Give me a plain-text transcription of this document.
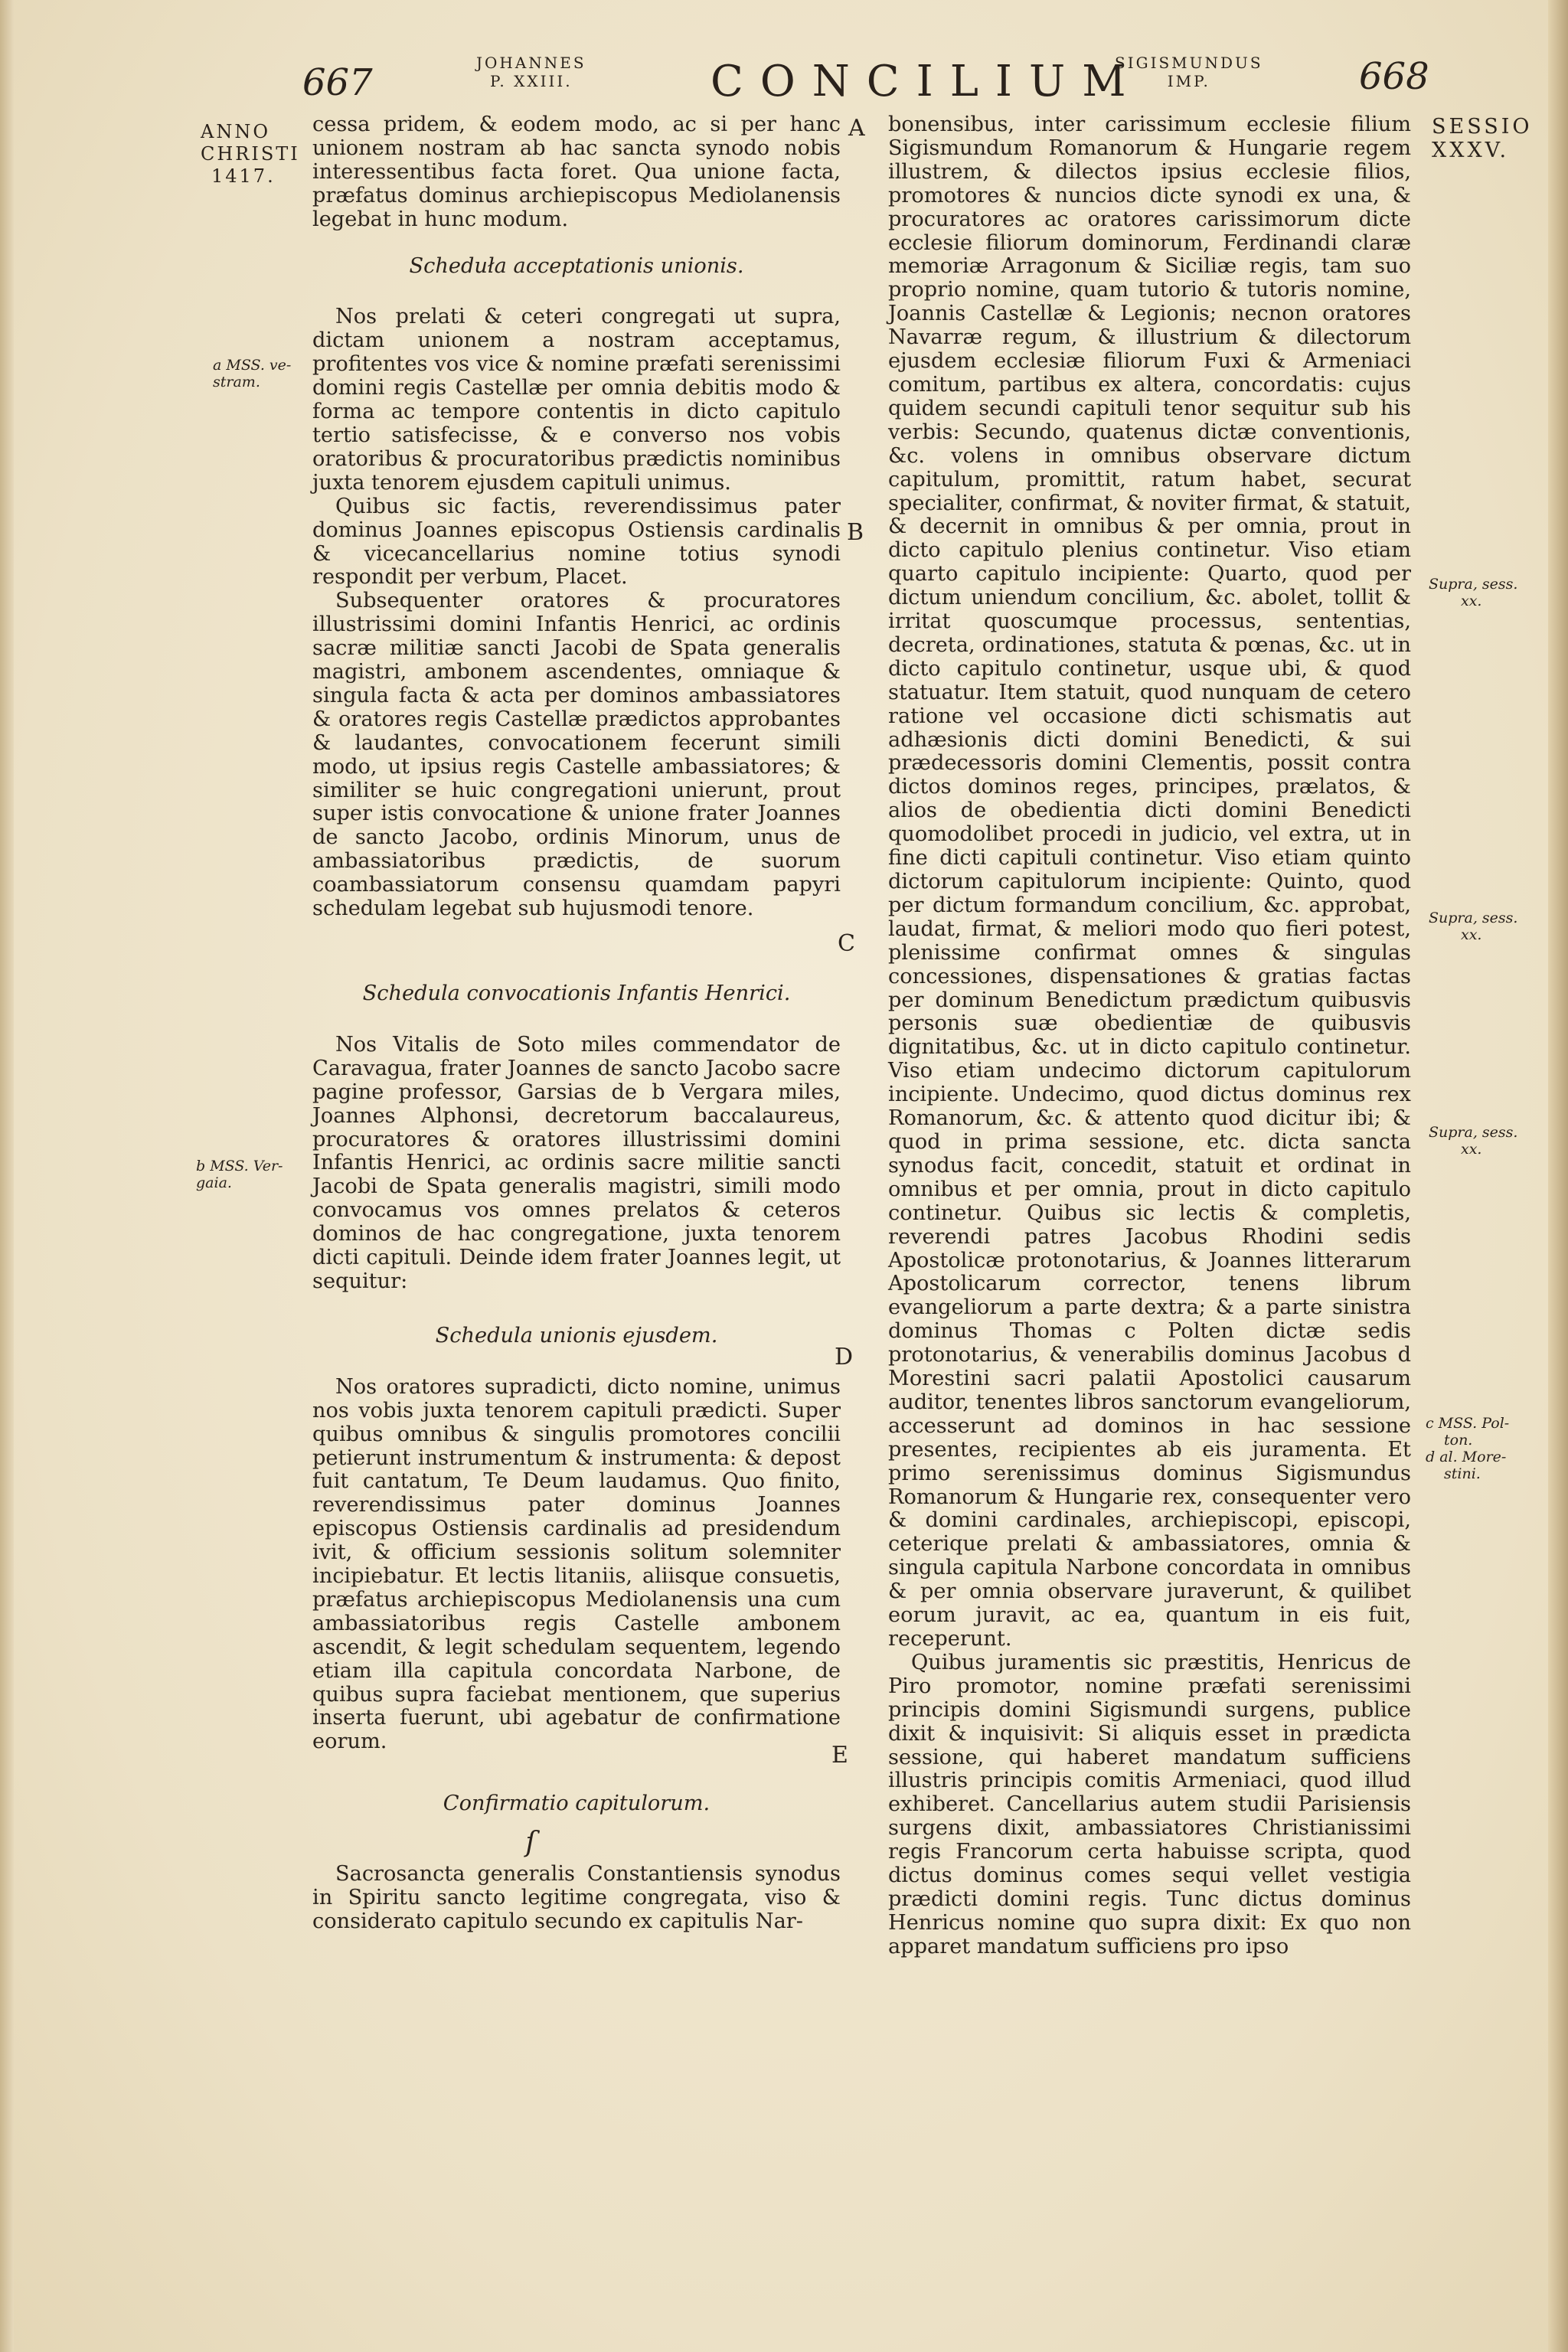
667	JOHANNES
P. XXIII.	CONCILIUM
SIGISMUNDUS
IMP.	668
ANNO
CHRISTI
1417.
SESSIO
XXXV.
A
B
C
D
E
a MSS. ve-
stram.
b MSS. Ver-
gaia.
Supra, sess.
xx.
Supra, sess.
xx.
Supra, sess.
xx.
c MSS. Pol-
ton.
d al. More-
stini.

cessa pridem, & eodem modo, ac si per hanc unionem nostram ab hac sancta synodo nobis interessentibus facta foret. Qua unione facta, præfatus dominus archiepiscopus Mediolanensis legebat in hunc modum.

Scheduła acceptationis unionis.

Nos prelati & ceteri congregati ut supra, dictam unionem a nostram acceptamus, profitentes vos vice & nomine præfati serenissimi domini regis Castellæ per omnia debitis modo & forma ac tempore contentis in dicto capitulo tertio satisfecisse, & e converso nos vobis oratoribus & procuratoribus prædictis nominibus juxta tenorem ejusdem capituli unimus.

Quibus sic factis, reverendissimus pater dominus Joannes episcopus Ostiensis cardinalis & vicecancellarius nomine totius synodi respondit per verbum, Placet.

Subsequenter oratores & procuratores illustrissimi domini Infantis Henrici, ac ordinis sacræ militiæ sancti Jacobi de Spata generalis magistri, ambonem ascendentes, omniaque & singula facta & acta per dominos ambassiatores & oratores regis Castellæ prædictos approbantes & laudantes, convocationem fecerunt simili modo, ut ipsius regis Castelle ambassiatores; & similiter se huic congregationi unierunt, prout super istis convocatione & unione frater Joannes de sancto Jacobo, ordinis Minorum, unus de ambassiatoribus prædictis, de suorum coambassiatorum consensu quamdam papyri schedulam legebat sub hujusmodi tenore.

Schedula convocationis Infantis Henrici.

Nos Vitalis de Soto miles commendator de Caravagua, frater Joannes de sancto Jacobo sacre pagine professor, Garsias de b Vergara miles, Joannes Alphonsi, decretorum baccalaureus, procuratores & oratores illustrissimi domini Infantis Henrici, ac ordinis sacre militie sancti Jacobi de Spata generalis magistri, simili modo convocamus vos omnes prelatos & ceteros dominos de hac congregatione, juxta tenorem dicti capituli. Deinde idem frater Joannes legit, ut sequitur:

Schedula unionis ejusdem.

Nos oratores supradicti, dicto nomine, unimus nos vobis juxta tenorem capituli prædicti. Super quibus omnibus & singulis promotores concilii petierunt instrumentum & instrumenta: & depost fuit cantatum, Te Deum laudamus. Quo finito, reverendissimus pater dominus Joannes episcopus Ostiensis cardinalis ad presidendum ivit, & officium sessionis solitum solemniter incipiebatur. Et lectis litaniis, aliisque consuetis, præfatus archiepiscopus Mediolanensis una cum ambassiatoribus regis Castelle ambonem ascendit, & legit schedulam sequentem, legendo etiam illa capitula concordata Narbone, de quibus supra faciebat mentionem, que superius inserta fuerunt, ubi agebatur de confirmatione eorum.

Confirmatio capitulorum.

ſ

Sacrosancta generalis Constantiensis synodus in Spiritu sancto legitime congregata, viso & considerato capitulo secundo ex capitulis Nar-

bonensibus, inter carissimum ecclesie filium Sigismundum Romanorum & Hungarie regem illustrem, & dilectos ipsius ecclesie filios, promotores & nuncios dicte synodi ex una, & procuratores ac oratores carissimorum dicte ecclesie filiorum dominorum, Ferdinandi claræ memoriæ Arragonum & Siciliæ regis, tam suo proprio nomine, quam tutorio & tutoris nomine, Joannis Castellæ & Legionis; necnon oratores Navarræ regum, & illustrium & dilectorum ejusdem ecclesiæ filiorum Fuxi & Armeniaci comitum, partibus ex altera, concordatis: cujus quidem secundi capituli tenor sequitur sub his verbis: Secundo, quatenus dictæ conventionis, &c. volens in omnibus observare dictum capitulum, promittit, ratum habet, securat specialiter, confirmat, & noviter firmat, & statuit, & decernit in omnibus & per omnia, prout in dicto capitulo plenius continetur. Viso etiam quarto capitulo incipiente: Quarto, quod per dictum uniendum concilium, &c. abolet, tollit & irritat quoscumque processus, sententias, decreta, ordinationes, statuta & pœnas, &c. ut in dicto capitulo continetur, usque ubi, & quod statuatur. Item statuit, quod nunquam de cetero ratione vel occasione dicti schismatis aut adhæsionis dicti domini Benedicti, & sui prædecessoris domini Clementis, possit contra dictos dominos reges, principes, prælatos, & alios de obedientia dicti domini Benedicti quomodolibet procedi in judicio, vel extra, ut in fine dicti capituli continetur. Viso etiam quinto dictorum capitulorum incipiente: Quinto, quod per dictum formandum concilium, &c. approbat, laudat, firmat, & meliori modo quo fieri potest, plenissime confirmat omnes & singulas concessiones, dispensationes & gratias factas per dominum Benedictum prædictum quibusvis personis suæ obedientiæ de quibusvis dignitatibus, &c. ut in dicto capitulo continetur. Viso etiam undecimo dictorum capitulorum incipiente. Undecimo, quod dictus dominus rex Romanorum, &c. & attento quod dicitur ibi; & quod in prima sessione, etc. dicta sancta synodus facit, concedit, statuit et ordinat in omnibus et per omnia, prout in dicto capitulo continetur. Quibus sic lectis & completis, reverendi patres Jacobus Rhodini sedis Apostolicæ protonotarius, & Joannes litterarum Apostolicarum corrector, tenens librum evangeliorum a parte dextra; & a parte sinistra dominus Thomas c Polten dictæ sedis protonotarius, & venerabilis dominus Jacobus d Morestini sacri palatii Apostolici causarum auditor, tenentes libros sanctorum evangeliorum, accesserunt ad dominos in hac sessione presentes, recipientes ab eis juramenta. Et primo serenissimus dominus Sigismundus Romanorum & Hungarie rex, consequenter vero & domini cardinales, archiepiscopi, episcopi, ceterique prelati & ambassiatores, omnia & singula capitula Narbone concordata in omnibus & per omnia observare juraverunt, & quilibet eorum juravit, ac ea, quantum in eis fuit, receperunt.

Quibus juramentis sic præstitis, Henricus de Piro promotor, nomine præfati serenissimi principis domini Sigismundi surgens, publice dixit & inquisivit: Si aliquis esset in prædicta sessione, qui haberet mandatum sufficiens illustris principis comitis Armeniaci, quod illud exhiberet. Cancellarius autem studii Parisiensis surgens dixit, ambassiatores Christianissimi regis Francorum certa habuisse scripta, quod dictus dominus comes sequi vellet vestigia prædicti domini regis. Tunc dictus dominus Henricus nomine quo supra dixit: Ex quo non apparet mandatum sufficiens pro ipso
